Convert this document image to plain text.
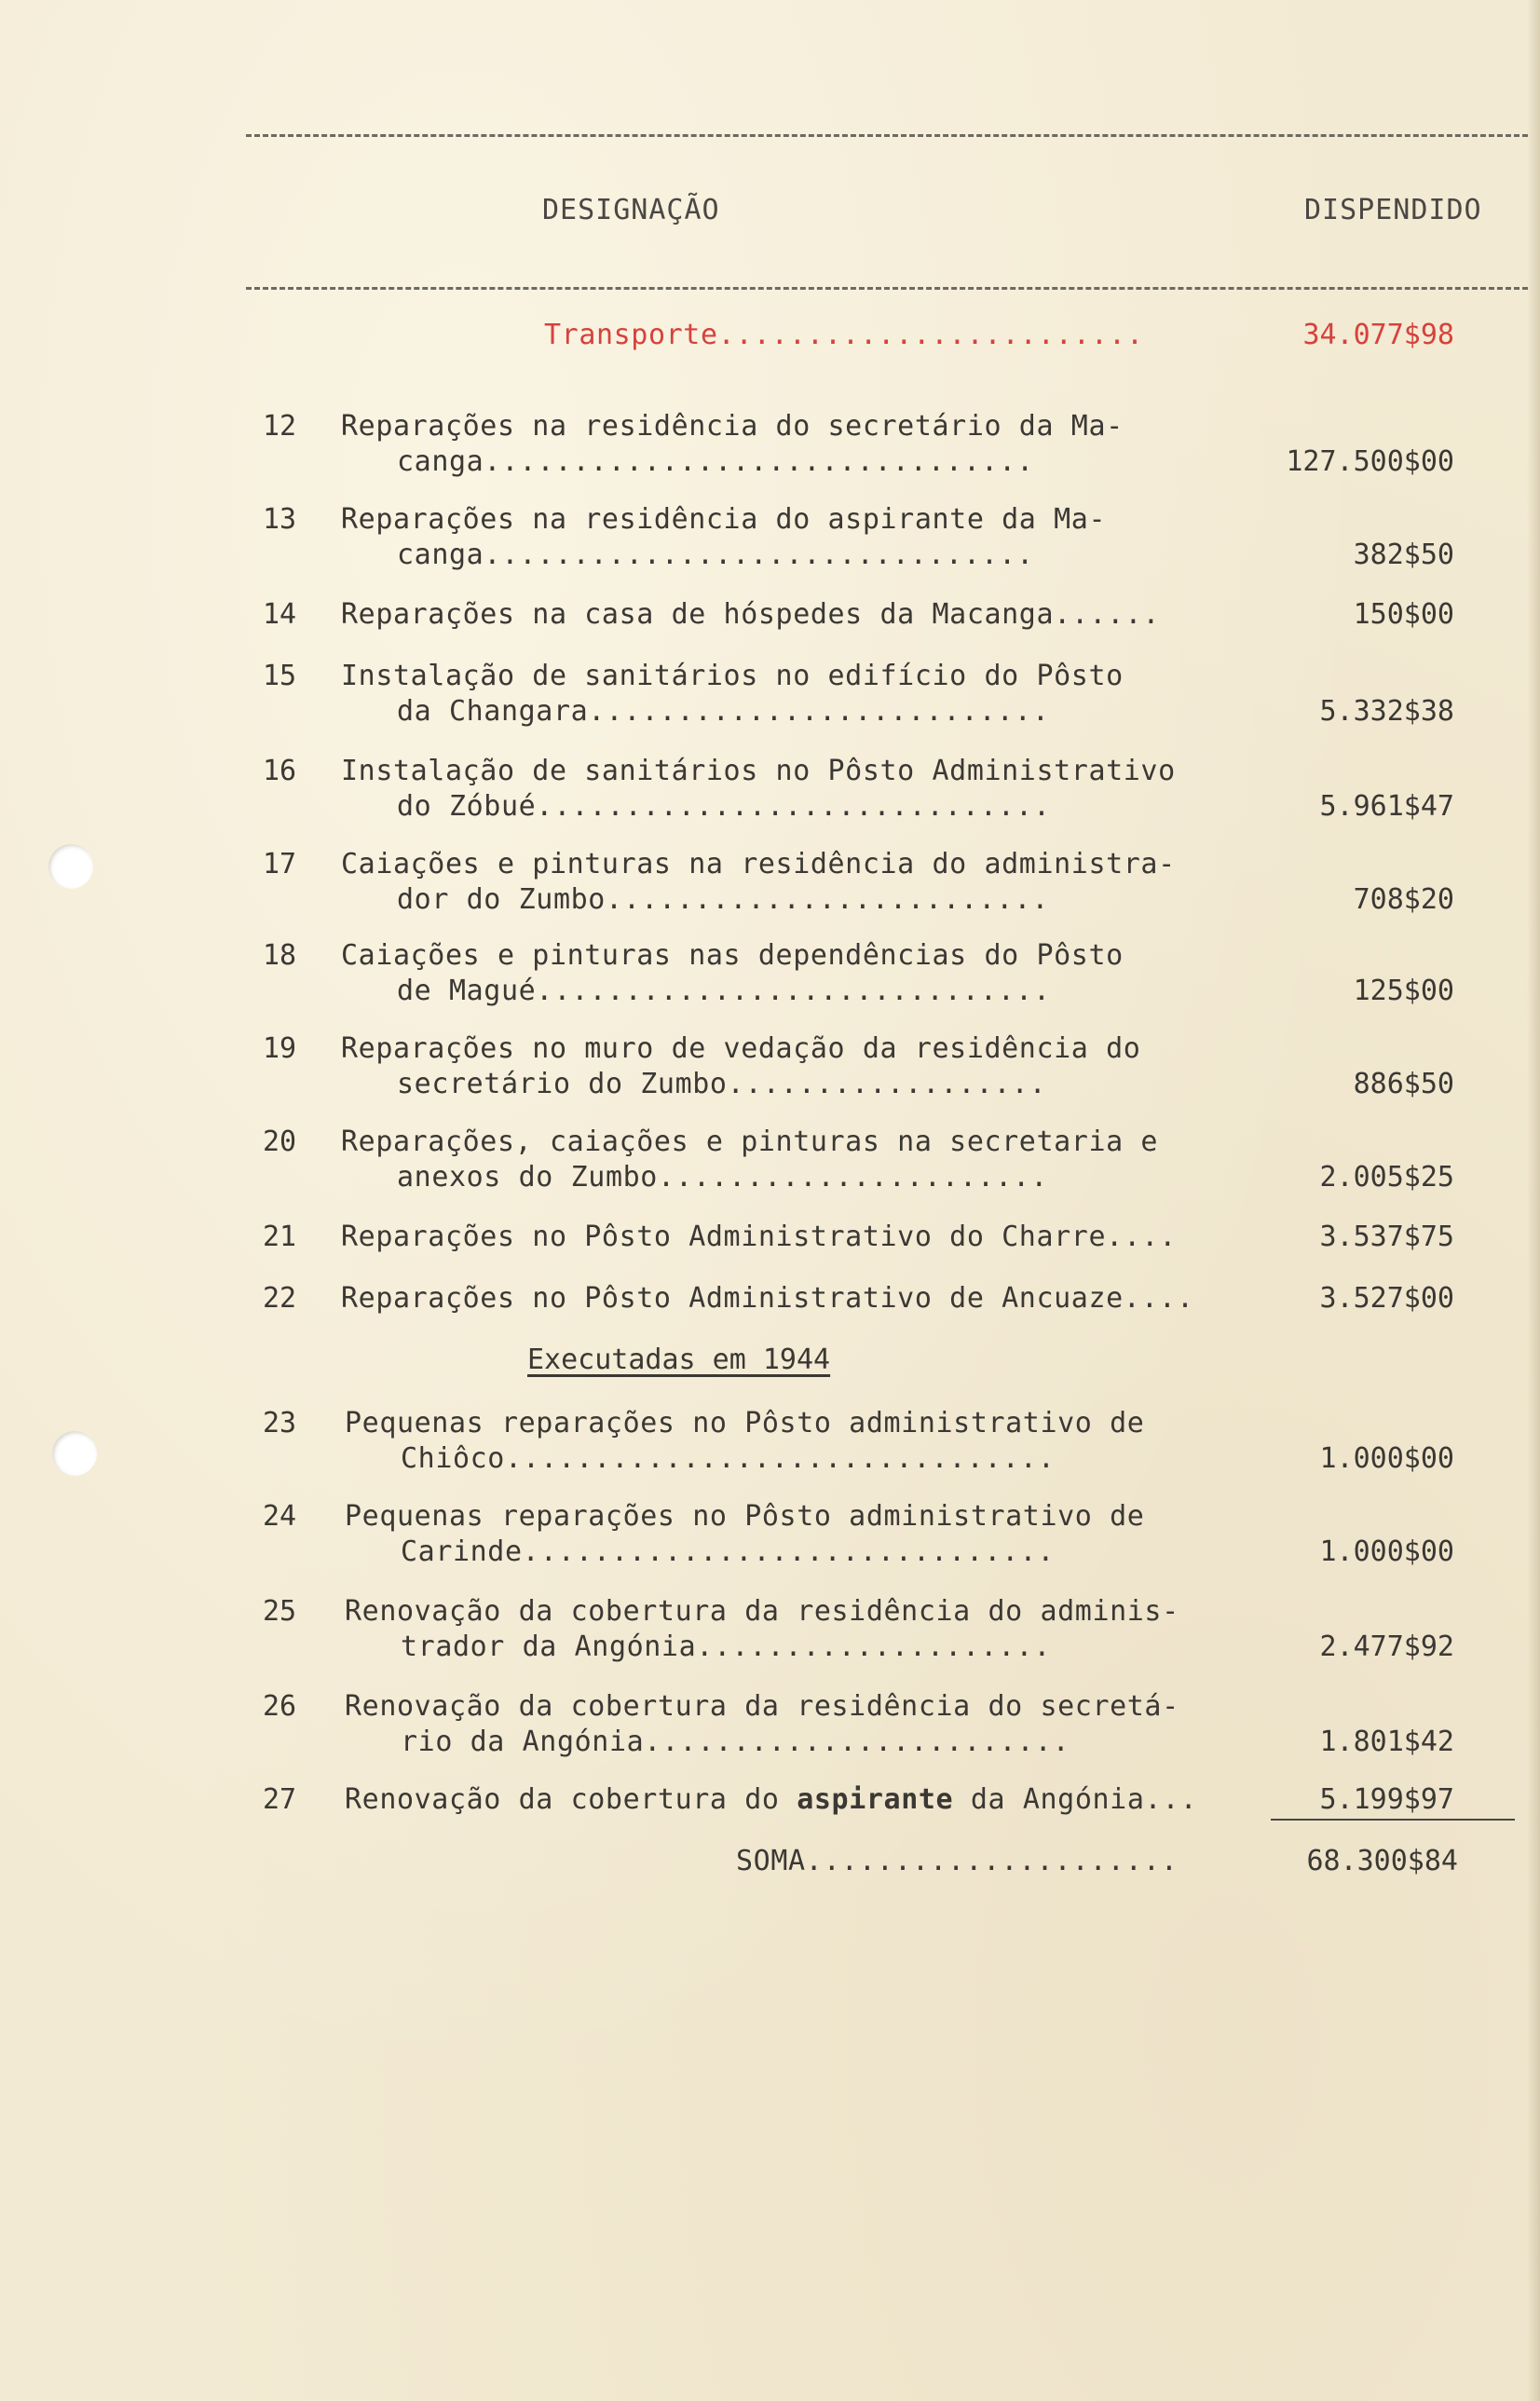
DESIGNAÇÃO	DISPENDIDO
Transporte........................	34.077$98
12	Reparações na residência do secretário da Ma-
canga...............................	127.500$00
13	Reparações na residência do aspirante da Ma-
canga...............................	382$50
14	Reparações na casa de hóspedes da Macanga......	150$00
15	Instalação de sanitários no edifício do Pôsto
da Changara..........................	5.332$38
16	Instalação de sanitários no Pôsto Administrativo
do Zóbué.............................	5.961$47
17	Caiações e pinturas na residência do administra-
dor do Zumbo.........................	708$20
18	Caiações e pinturas nas dependências do Pôsto
de Magué.............................	125$00
19	Reparações no muro de vedação da residência do
secretário do Zumbo..................	886$50
20	Reparações, caiações e pinturas na secretaria e
anexos do Zumbo......................	2.005$25
21	Reparações no Pôsto Administrativo do Charre....	3.537$75
22	Reparações no Pôsto Administrativo de Ancuaze....	3.527$00
Executadas em 1944
23	Pequenas reparações no Pôsto administrativo de
Chiôco...............................	1.000$00
24	Pequenas reparações no Pôsto administrativo de
Carinde..............................	1.000$00
25	Renovação da cobertura da residência do adminis-
trador da Angónia....................	2.477$92
26	Renovação da cobertura da residência do secretá-
rio da Angónia........................	1.801$42
27	Renovação da cobertura do aspirante da Angónia...	5.199$97
SOMA.....................	68.300$84
